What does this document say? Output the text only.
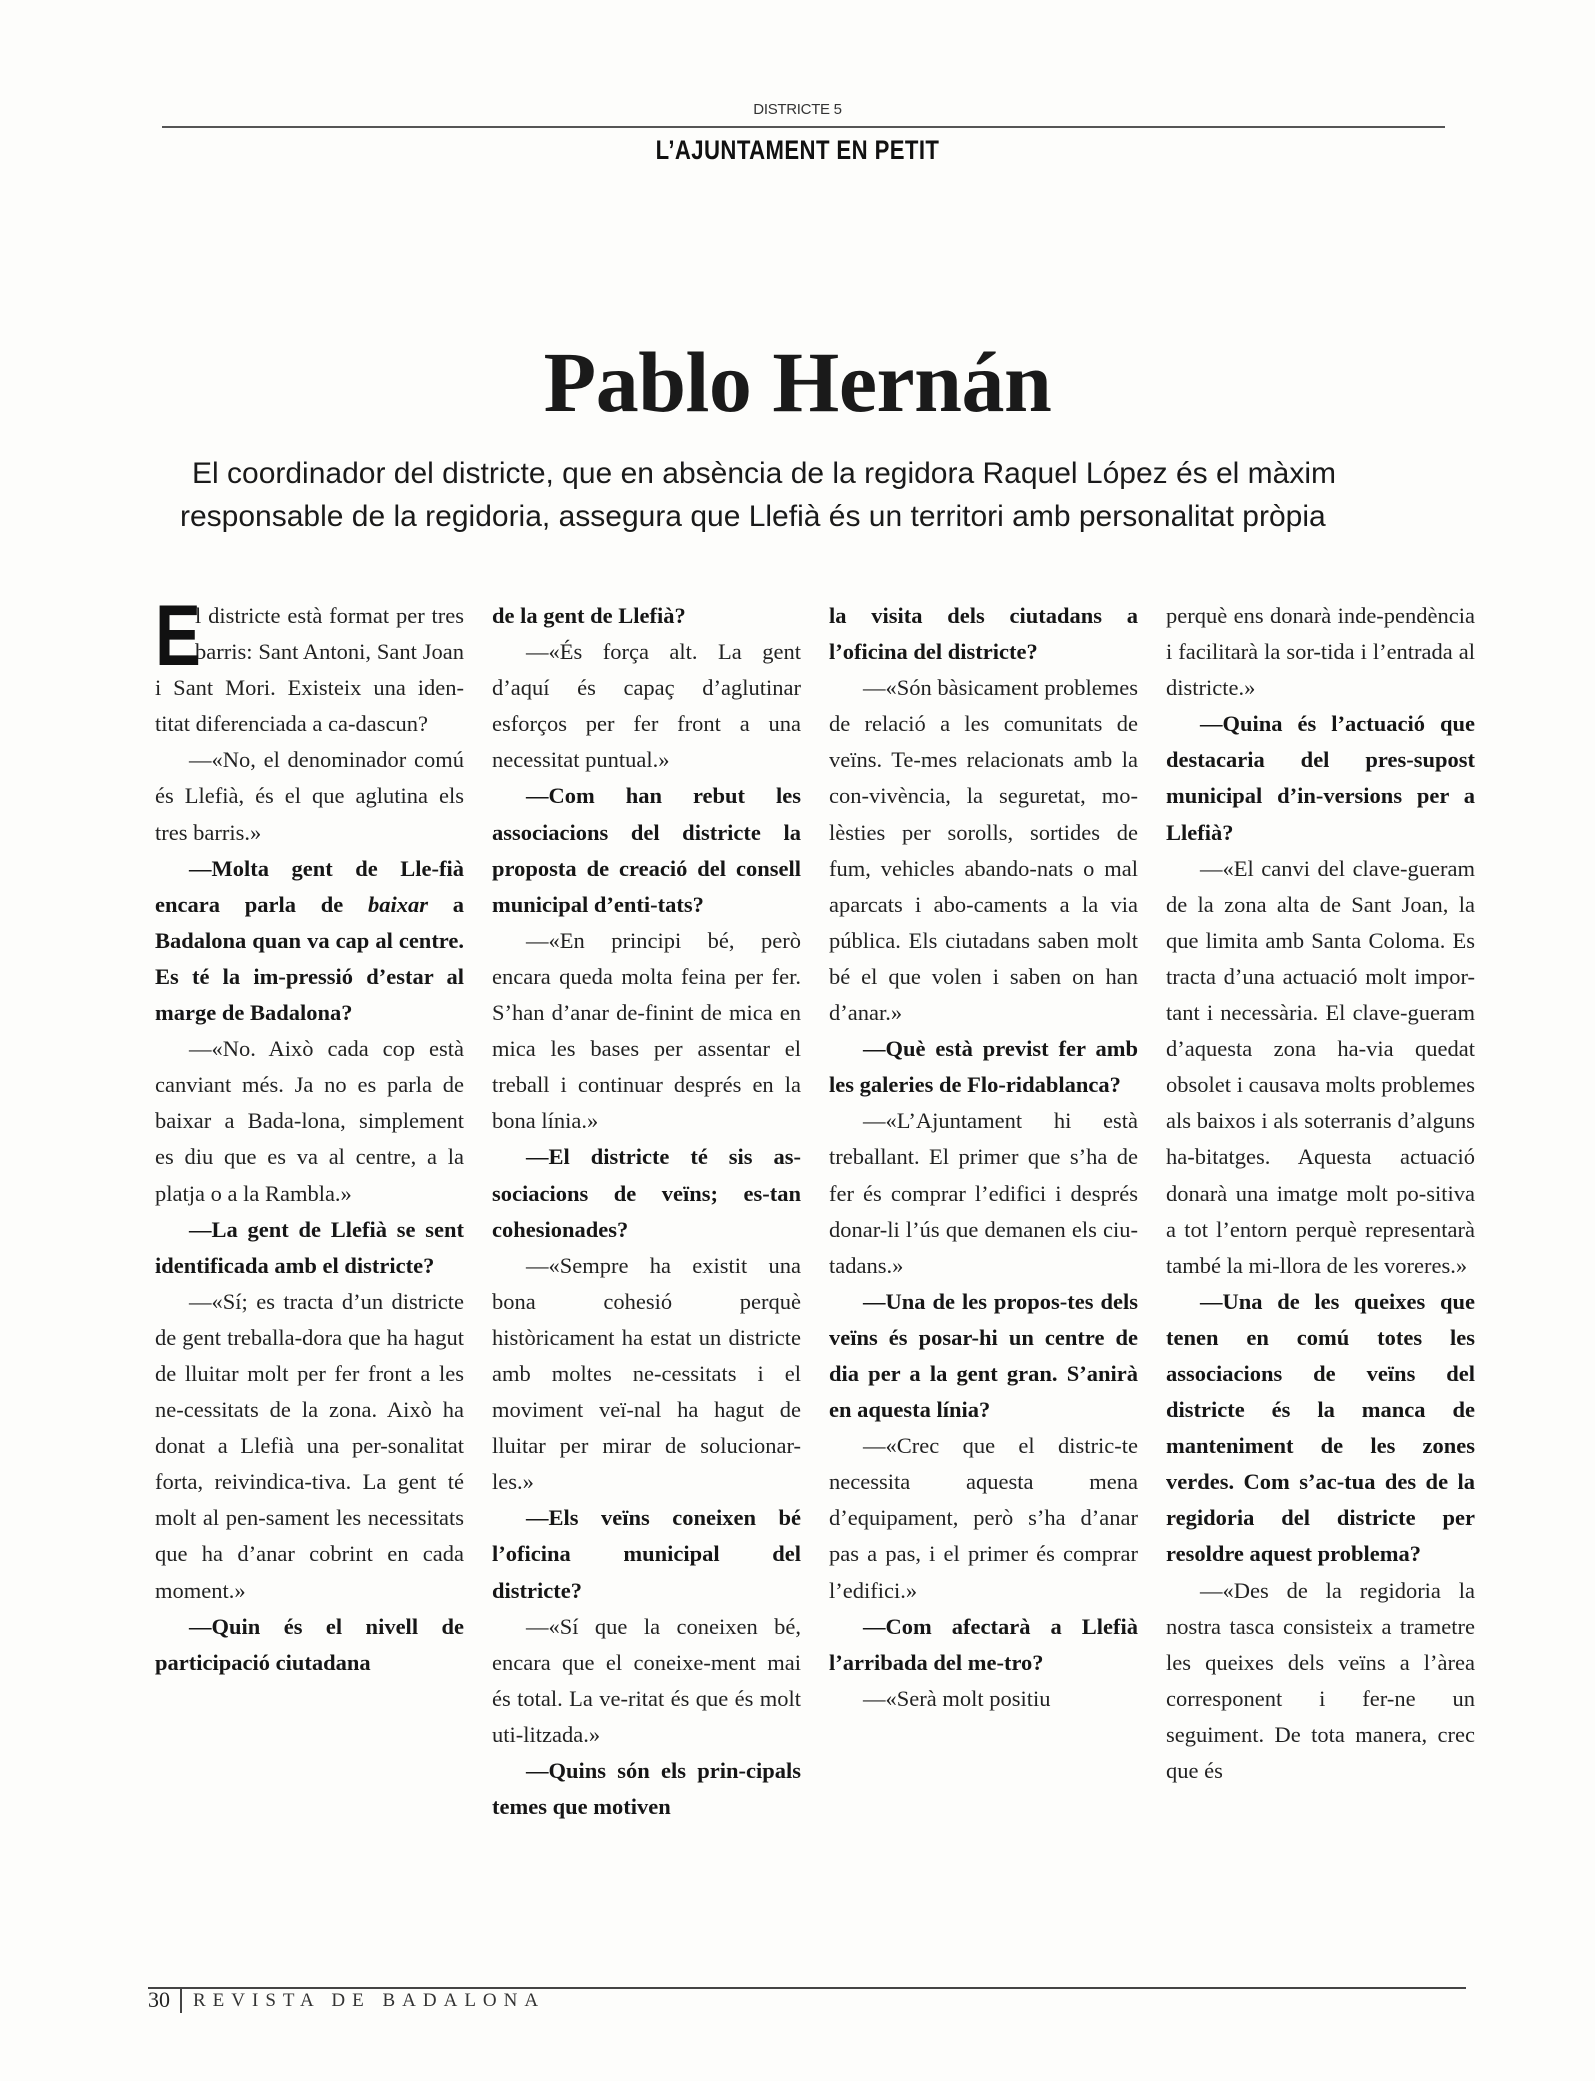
DISTRICTE 5
L’AJUNTAMENT EN PETIT
Pablo Hernán
El coordinador del districte, que en absència de la regidora Raquel López és el màxim
responsable de la regidoria, assegura que Llefià és un territori amb personalitat pròpia
E

l districte està format per tres barris: Sant Antoni, Sant Joan i Sant Mori. Existeix una iden-titat diferenciada a ca-dascun?

—«No, el denominador comú és Llefià, és el que aglutina els tres barris.»

—Molta gent de Lle-fià encara parla de baixar a Badalona quan va cap al centre. Es té la im-pressió d’estar al marge de Badalona?

—«No. Això cada cop està canviant més. Ja no es parla de baixar a Bada-lona, simplement es diu que es va al centre, a la platja o a la Rambla.»

—La gent de Llefià se sent identificada amb el districte?

—«Sí; es tracta d’un districte de gent treballa-dora que ha hagut de lluitar molt per fer front a les ne-cessitats de la zona. Això ha donat a Llefià una per-sonalitat forta, reivindica-tiva. La gent té molt al pen-sament les necessitats que ha d’anar cobrint en cada moment.»

—Quin és el nivell de participació ciutadana

de la gent de Llefià?

—«És força alt. La gent d’aquí és capaç d’aglutinar esforços per fer front a una necessitat puntual.»

—Com han rebut les associacions del districte la proposta de creació del consell municipal d’enti-tats?

—«En principi bé, però encara queda molta feina per fer. S’han d’anar de-finint de mica en mica les bases per assentar el treball i continuar després en la bona línia.»

—El districte té sis as-sociacions de veïns; es-tan cohesionades?

—«Sempre ha existit una bona cohesió perquè històricament ha estat un districte amb moltes ne-cessitats i el moviment veï-nal ha hagut de lluitar per mirar de solucionar-les.»

—Els veïns coneixen bé l’oficina municipal del districte?

—«Sí que la coneixen bé, encara que el coneixe-ment mai és total. La ve-ritat és que és molt uti-litzada.»

—Quins són els prin-cipals temes que motiven

la visita dels ciutadans a l’oficina del districte?

—«Són bàsicament problemes de relació a les comunitats de veïns. Te-mes relacionats amb la con-vivència, la seguretat, mo-lèsties per sorolls, sortides de fum, vehicles abando-nats o mal aparcats i abo-caments a la via pública. Els ciutadans saben molt bé el que volen i saben on han d’anar.»

—Què està previst fer amb les galeries de Flo-ridablanca?

—«L’Ajuntament hi està treballant. El primer que s’ha de fer és comprar l’edifici i després donar-li l’ús que demanen els ciu-tadans.»

—Una de les propos-tes dels veïns és posar-hi un centre de dia per a la gent gran. S’anirà en aquesta línia?

—«Crec que el distric-te necessita aquesta mena d’equipament, però s’ha d’anar pas a pas, i el primer és comprar l’edifici.»

—Com afectarà a Llefià l’arribada del me-tro?

—«Serà molt positiu

perquè ens donarà inde-pendència i facilitarà la sor-tida i l’entrada al districte.»

—Quina és l’actuació que destacaria del pres-supost municipal d’in-versions per a Llefià?

—«El canvi del clave-gueram de la zona alta de Sant Joan, la que limita amb Santa Coloma. Es tracta d’una actuació molt impor-tant i necessària. El clave-gueram d’aquesta zona ha-via quedat obsolet i causava molts problemes als baixos i als soterranis d’alguns ha-bitatges. Aquesta actuació donarà una imatge molt po-sitiva a tot l’entorn perquè representarà també la mi-llora de les voreres.»

—Una de les queixes que tenen en comú totes les associacions de veïns del districte és la manca de manteniment de les zones verdes. Com s’ac-tua des de la regidoria del districte per resoldre aquest problema?

—«Des de la regidoria la nostra tasca consisteix a trametre les queixes dels veïns a l’àrea corresponent i fer-ne un seguiment. De tota manera, crec que és

30 REVISTA DE BADALONA
